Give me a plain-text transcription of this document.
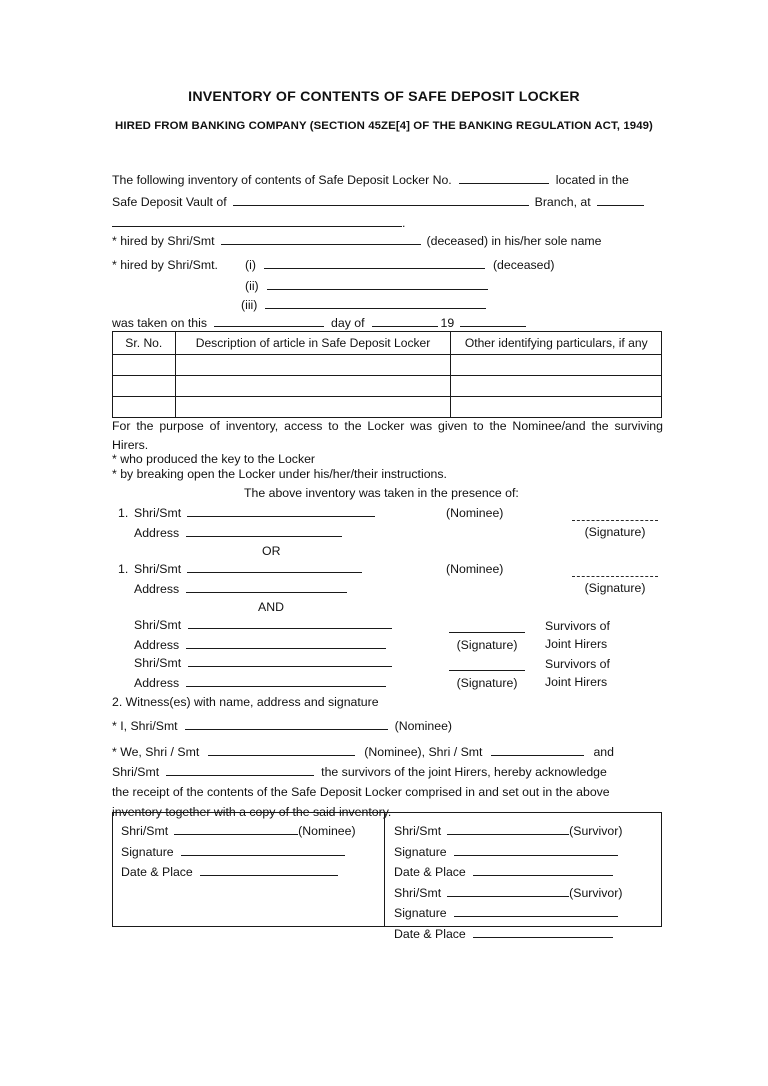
INVENTORY OF CONTENTS OF SAFE DEPOSIT LOCKER
HIRED FROM BANKING COMPANY (SECTION 45ZE[4] OF THE BANKING REGULATION ACT, 1949)
The following inventory of contents of Safe Deposit Locker No.	located in the
Safe Deposit Vault of	Branch, at
.
* hired by Shri/Smt	(deceased) in his/her sole name
* hired by Shri/Smt. (i)	(deceased)
(ii)
(iii)
was taken on this	day of	19
Sr. No.	Description of article in Safe Deposit Locker	Other identifying particulars, if any

For the purpose of inventory, access to the Locker was given to the Nominee/and the surviving Hirers.
* who produced the key to the Locker
* by breaking open the Locker under his/her/their instructions.
The above inventory was taken in the presence of:
1. Shri/Smt
Address
(Nominee)
(Signature)
OR
1. Shri/Smt
Address
(Nominee)
(Signature)
AND
Shri/Smt
Address	(Signature)
Survivors of
Joint Hirers
Shri/Smt
Address	(Signature)
Survivors of
Joint Hirers
2. Witness(es) with name, address and signature
* I, Shri/Smt	(Nominee)
* We, Shri / Smt	(Nominee), Shri / Smt	and
Shri/Smt	the survivors of the joint Hirers, hereby acknowledge
the receipt of the contents of the Safe Deposit Locker comprised in and set out in the above
inventory together with a copy of the said inventory.
Shri/Smt	(Nominee)
Signature
Date & Place
Shri/Smt	(Survivor)
Signature
Date & Place
Shri/Smt	(Survivor)
Signature
Date & Place
